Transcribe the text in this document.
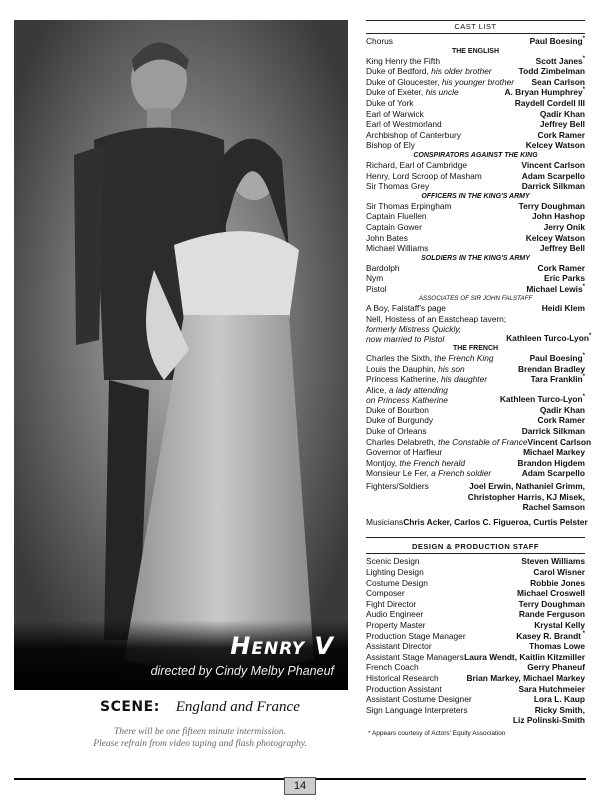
Henry V
directed by Cindy Melby Phaneuf
SCENE: England and France
There will be one fifteen minute intermission.
Please refrain from video taping and flash photography.
CAST LIST
Chorus	Paul Boesing*
THE ENGLISH
King Henry the Fifth	Scott Janes*
Duke of Bedford, his older brother	Todd Zimbelman
Duke of Gloucester, his younger brother Sean Carlson
Duke of Exeter, his uncle	A. Bryan Humphrey*
Duke of York	Raydell Cordell III
Earl of Warwick	Qadir Khan
Earl of Westmorland	Jeffrey Bell
Archbishop of Canterbury	Cork Ramer
Bishop of Ely	Kelcey Watson
CONSPIRATORS AGAINST THE KING
Richard, Earl of Cambridge	Vincent Carlson
Henry, Lord Scroop of Masham	Adam Scarpello
Sir Thomas Grey	Darrick Silkman
OFFICERS IN THE KING'S ARMY
Sir Thomas Erpingham	Terry Doughman
Captain Fluellen	John Hashop
Captain Gower	Jerry Onik
John Bates	Kelcey Watson
Michael Williams	Jeffrey Bell
SOLDIERS IN THE KING'S ARMY
Bardolph	Cork Ramer
Nym	Eric Parks
Pistol	Michael Lewis*
ASSOCIATES OF SIR JOHN FALSTAFF
A Boy, Falstaff's page	Heidi Klem
Nell, Hostess of an Eastcheap tavern;
formerly Mistress Quickly,
now married to Pistol	Kathleen Turco-Lyon*
THE FRENCH
Charles the Sixth, the French King	Paul Boesing*
Louis the Dauphin, his son	Brendan Bradley
Princess Katherine, his daughter	Tara Franklin*
Alice, a lady attending
on Princess Katherine	Kathleen Turco-Lyon*
Duke of Bourbon	Qadir Khan
Duke of Burgundy	Cork Ramer
Duke of Orleans	Darrick Silkman
Charles Delabreth, the Constable of France Vincent Carlson
Governor of Harfleur	Michael Markey
Montjoy, the French herald	Brandon Higdem
Monsieur Le Fer, a French soldier	Adam Scarpello
Fighters/Soldiers	Joel Erwin, Nathaniel Grimm,
Christopher Harris, KJ Misek,
Rachel Samson
Musicians Chris Acker, Carlos C. Figueroa, Curtis Pelster
DESIGN & PRODUCTION STAFF
Scenic Design	Steven Williams
Lighting Design	Carol Wisner
Costume Design	Robbie Jones
Composer	Michael Croswell
Fight Director	Terry Doughman
Audio Engineer	Rande Ferguson
Property Master	Krystal Kelly
Production Stage Manager	Kasey R. Brandt *
Assistant Director	Thomas Lowe
Assistant Stage Managers Laura Wendt, Kaitlin Kitzmiller
French Coach	Gerry Phaneuf
Historical Research	Brian Markey, Michael Markey
Production Assistant	Sara Hutchmeier
Assistant Costume Designer	Lora L. Kaup
Sign Language Interpreters	Ricky Smith,
Liz Polinski-Smith
* Appears courtesy of Actors' Equity Association
14
